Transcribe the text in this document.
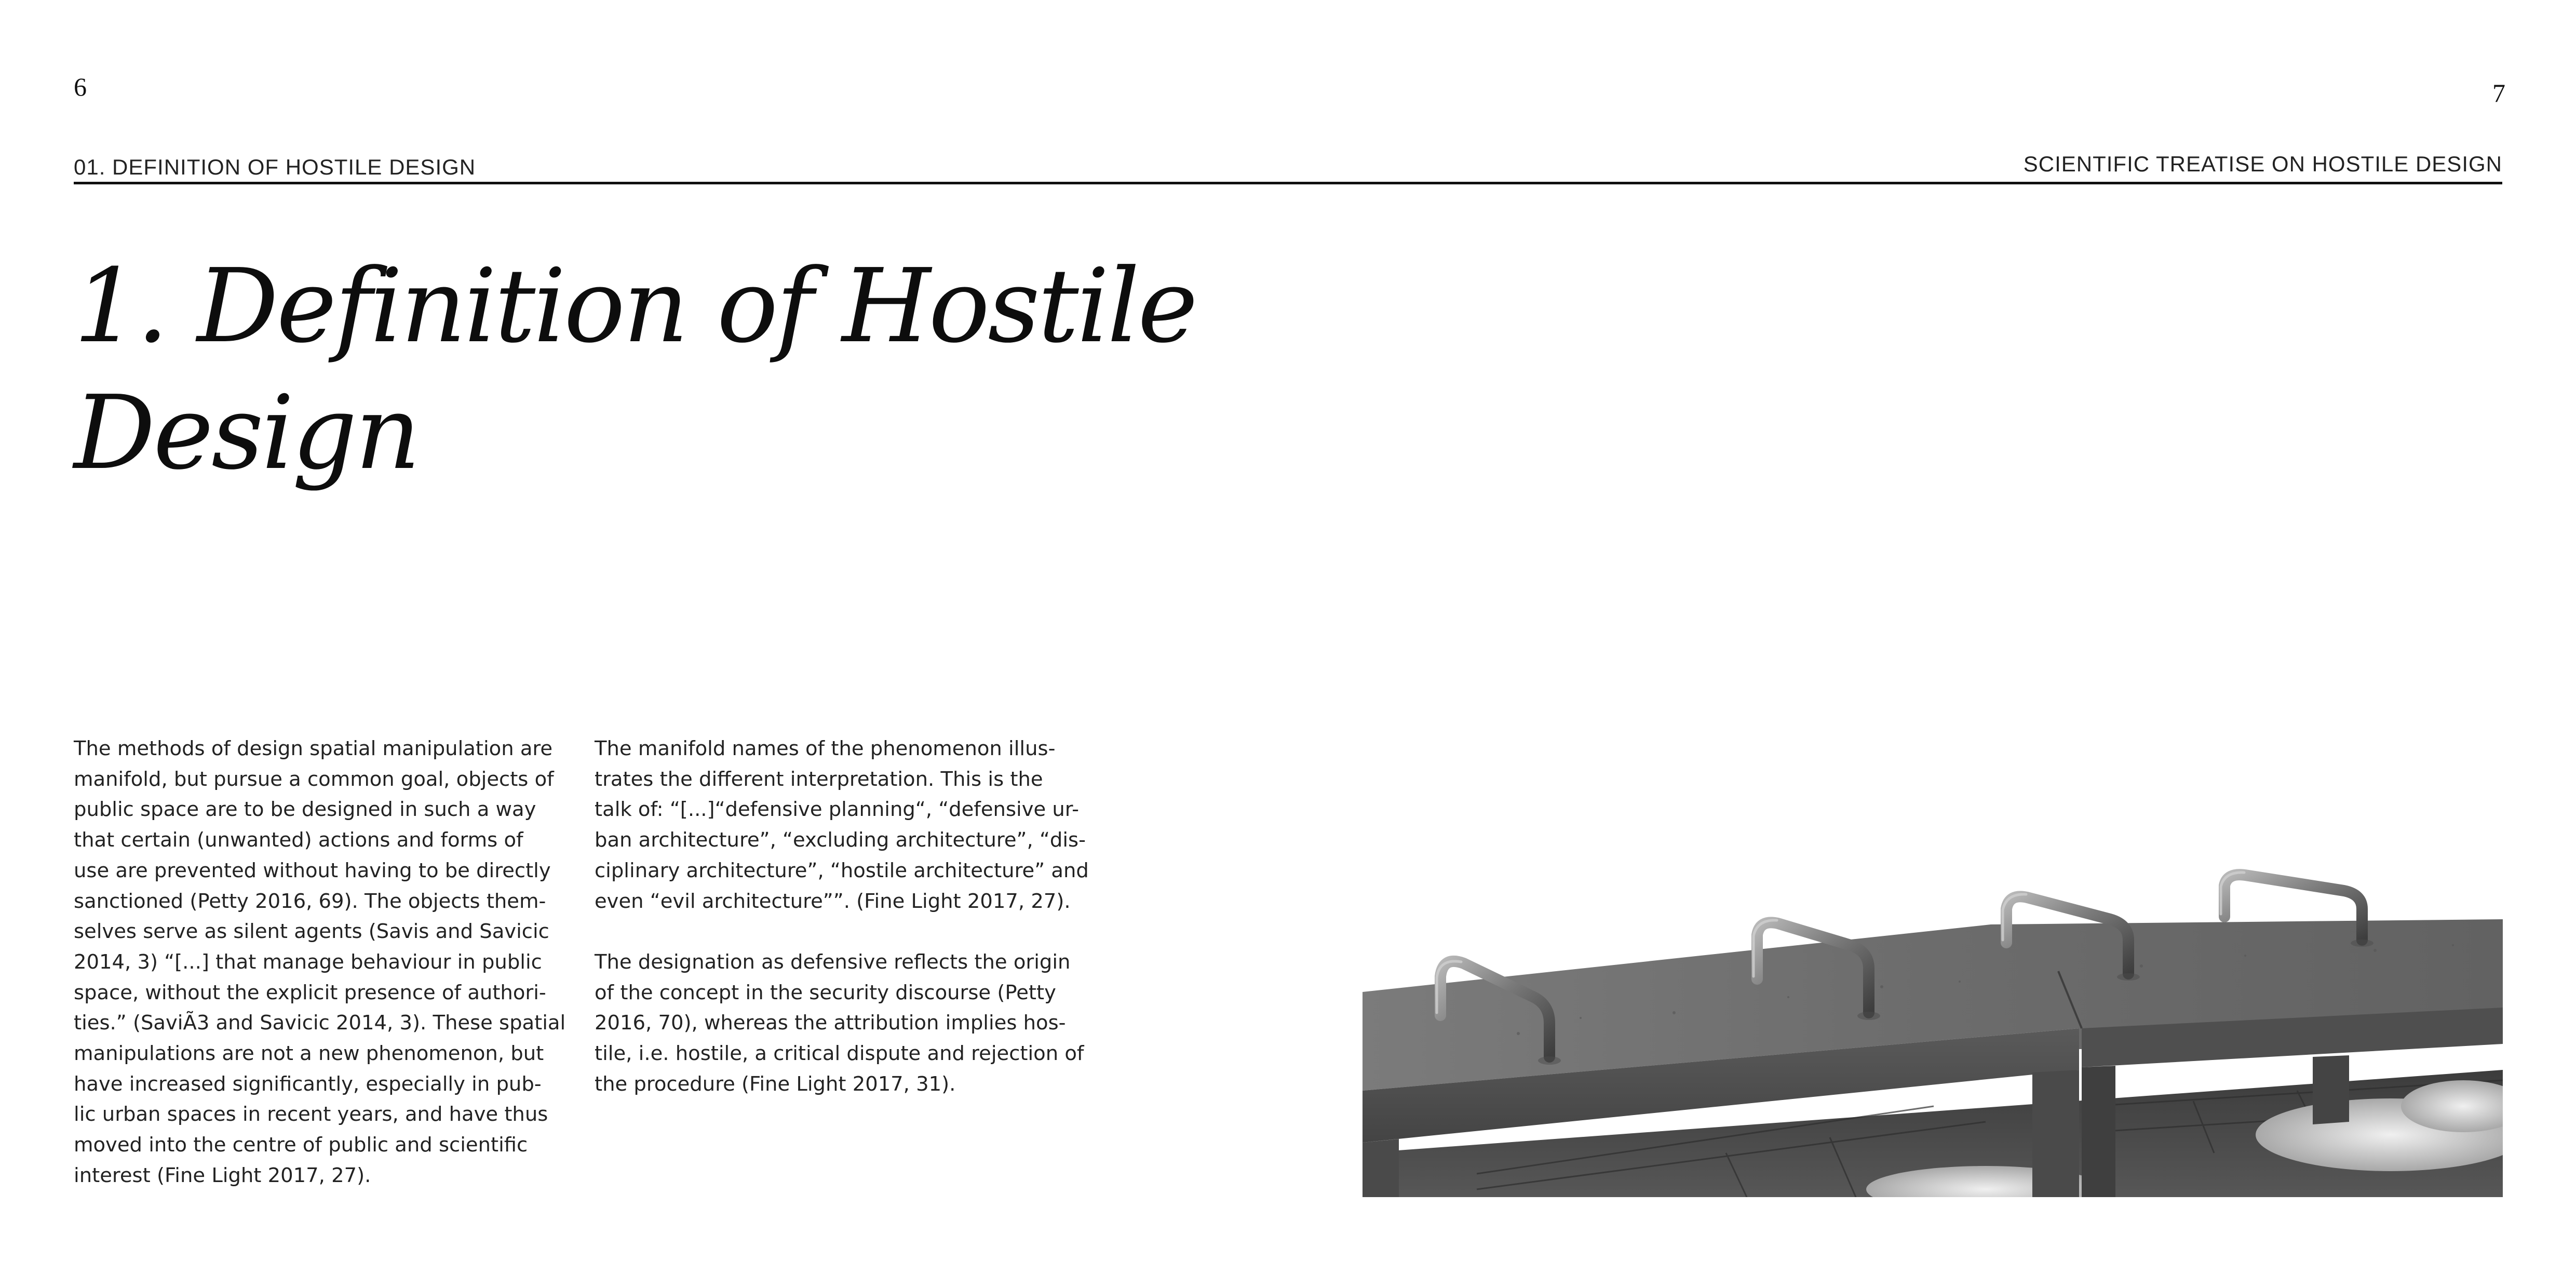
6	7
01. DEFINITION OF HOSTILE DESIGN	SCIENTIFIC TREATISE ON HOSTILE DESIGN
1. Definition of Hostile
Design

The methods of design spatial manipulation are
manifold, but pursue a common goal, objects of
public space are to be designed in such a way
that certain (unwanted) actions and forms of
use are prevented without having to be directly
sanctioned (Petty 2016, 69). The objects them-
selves serve as silent agents (Savis and Savicic
2014, 3) “[...] that manage behaviour in public
space, without the explicit presence of authori-
ties.” (SaviÃ3 and Savicic 2014, 3). These spatial
manipulations are not a new phenomenon, but
have increased significantly, especially in pub-
lic urban spaces in recent years, and have thus
moved into the centre of public and scientific
interest (Fine Light 2017, 27).

The manifold names of the phenomenon illus-
trates the different interpretation. This is the
talk of: “[...]“defensive planning“, “defensive ur-
ban architecture”, “excluding architecture”, “dis-
ciplinary architecture”, “hostile architecture” and
even “evil architecture””. (Fine Light 2017, 27).

The designation as defensive reflects the origin
of the concept in the security discourse (Petty
2016, 70), whereas the attribution implies hos-
tile, i.e. hostile, a critical dispute and rejection of
the procedure (Fine Light 2017, 31).
